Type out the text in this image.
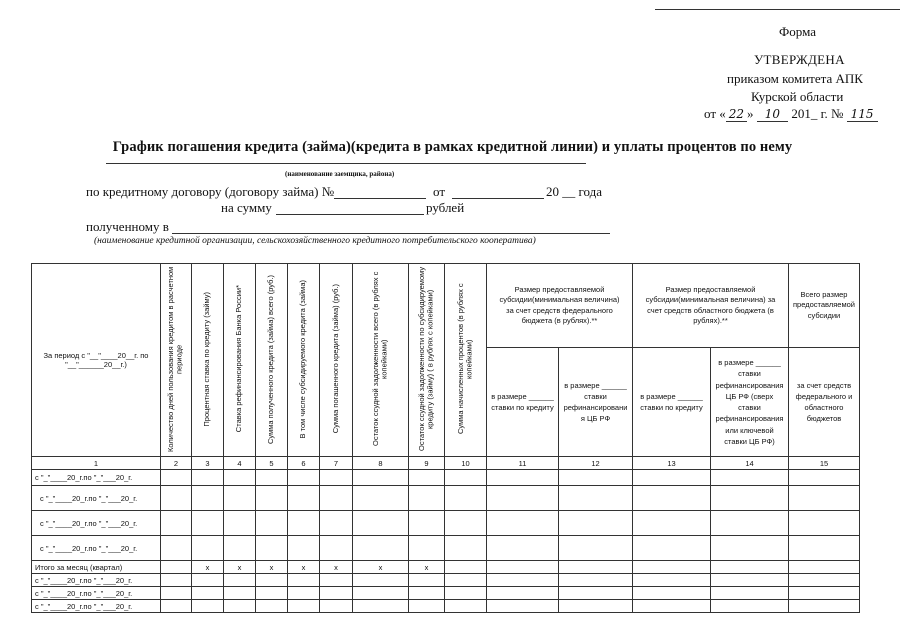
Форма
УТВЕРЖДЕНА
приказом комитета АПК
Курской области
от « 22 » 10 201_ г. № 115
График погашения кредита (займа)(кредита в рамках кредитной линии) и уплаты процентов по нему
(наименование заемщика, района)
по кредитному договору (договору займа) №	от	20 __ года
на сумму	рублей
полученному в
(наименование кредитной организации, сельскохозяйственного кредитного потребительского кооператива)
За период с "__"____20__г. по "__"______20__г.)	Количество дней пользования кредитом в расчетном периоде	Процентная ставка по кредиту (займу)	Ставка рефинансирования Банка России*	Сумма полученного кредита (займа) всего (руб.)	В том числе субсидируемого кредита (займа)	Сумма погашенного кредита (займа) (руб.)	Остаток ссудной задолженности всего (в рублях с копейками)	Остаток ссудной задолженности по субсидируемому кредиту (займу) ( в рублях с копейками)	Сумма начисленных процентов (в рублях с копейками)	Размер предоставляемой субсидии(минимальная величина) за счет средств федерального бюджета (в рублях).**		Размер предоставляемой субсидии(минимальная величина) за счет средств областного бюджета (в рублях).**		Всего размер предоставляемой субсидии
										в размере ______ ставки по кредиту	в размере ______ ставки рефинансировани я ЦБ РФ	в размере ______ ставки по кредиту	в размере ______ ставки рефинансирования ЦБ РФ (сверх ставки рефинансирования или ключевой ставки ЦБ РФ)	за счет средств федерального и областного бюджетов
1	2	3	4	5	6	7	8	9	10	11	12	13	14	15
с "_"____20_г.по "_"___20_г.														
с "_"____20_г.по "_"___20_г.														
с "_"____20_г.по "_"___20_г.														
с "_"____20_г.по "_"___20_г.														
Итого за месяц (квартал)		х	х	х	х	х	х	х						
с "_"____20_г.по "_"___20_г.														
с "_"____20_г.по "_"___20_г.														
с "_"____20_г.по "_"___20_г.														
